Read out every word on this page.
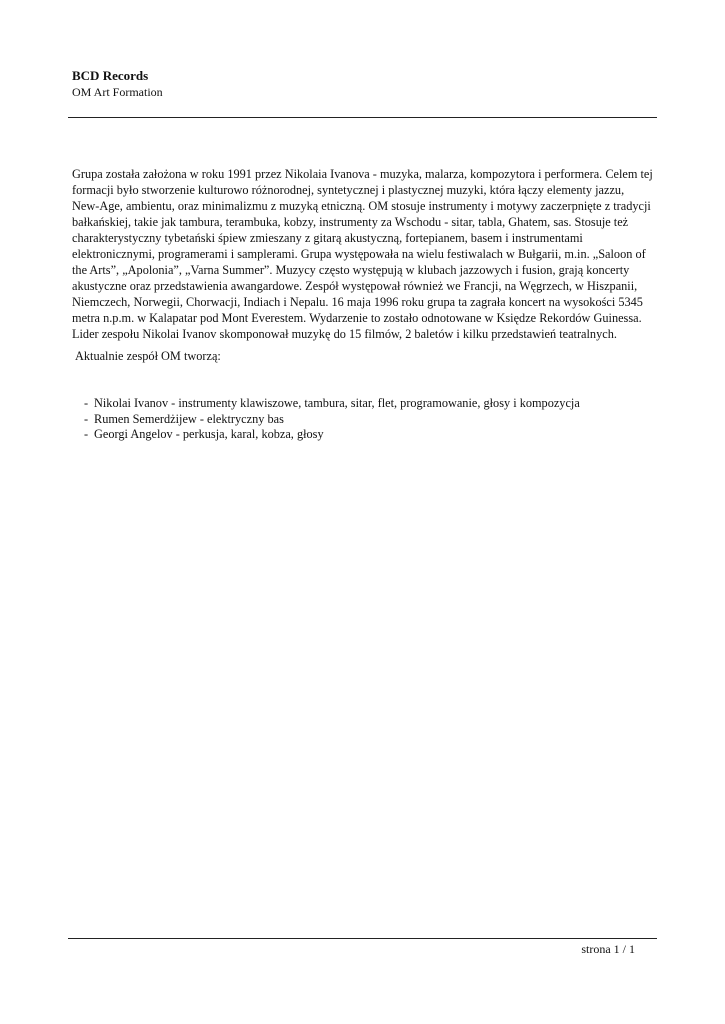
BCD Records
OM Art Formation

Grupa została założona w roku 1991 przez Nikolaia Ivanova - muzyka, malarza, kompozytora i performera. Celem tej formacji było stworzenie kulturowo różnorodnej, syntetycznej i plastycznej muzyki, która łączy elementy jazzu, New-Age, ambientu, oraz minimalizmu z muzyką etniczną. OM stosuje instrumenty i motywy zaczerpnięte z tradycji bałkańskiej, takie jak tambura, terambuka, kobzy, instrumenty za Wschodu - sitar, tabla, Ghatem, sas. Stosuje też charakterystyczny tybetański śpiew zmieszany z gitarą akustyczną, fortepianem, basem i instrumentami elektronicznymi, programerami i samplerami. Grupa występowała na wielu festiwalach w Bułgarii, m.in. „Saloon of the Arts”, „Apolonia”, „Varna Summer”. Muzycy często występują w klubach jazzowych i fusion, grają koncerty akustyczne oraz przedstawienia awangardowe. Zespół występował również we Francji, na Węgrzech, w Hiszpanii, Niemczech, Norwegii, Chorwacji, Indiach i Nepalu. 16 maja 1996 roku grupa ta zagrała koncert na wysokości 5345 metra n.p.m. w Kalapatar pod Mont Everestem. Wydarzenie to zostało odnotowane w Księdze Rekordów Guinessa. Lider zespołu Nikolai Ivanov skomponował muzykę do 15 filmów, 2 baletów i kilku przedstawień teatralnych.

Aktualnie zespół OM tworzą:

- Nikolai Ivanov - instrumenty klawiszowe, tambura, sitar, flet, programowanie, głosy i kompozycja
- Rumen Semerdżijew - elektryczny bas
- Georgi Angelov - perkusja, karal, kobza, głosy
strona 1 / 1
